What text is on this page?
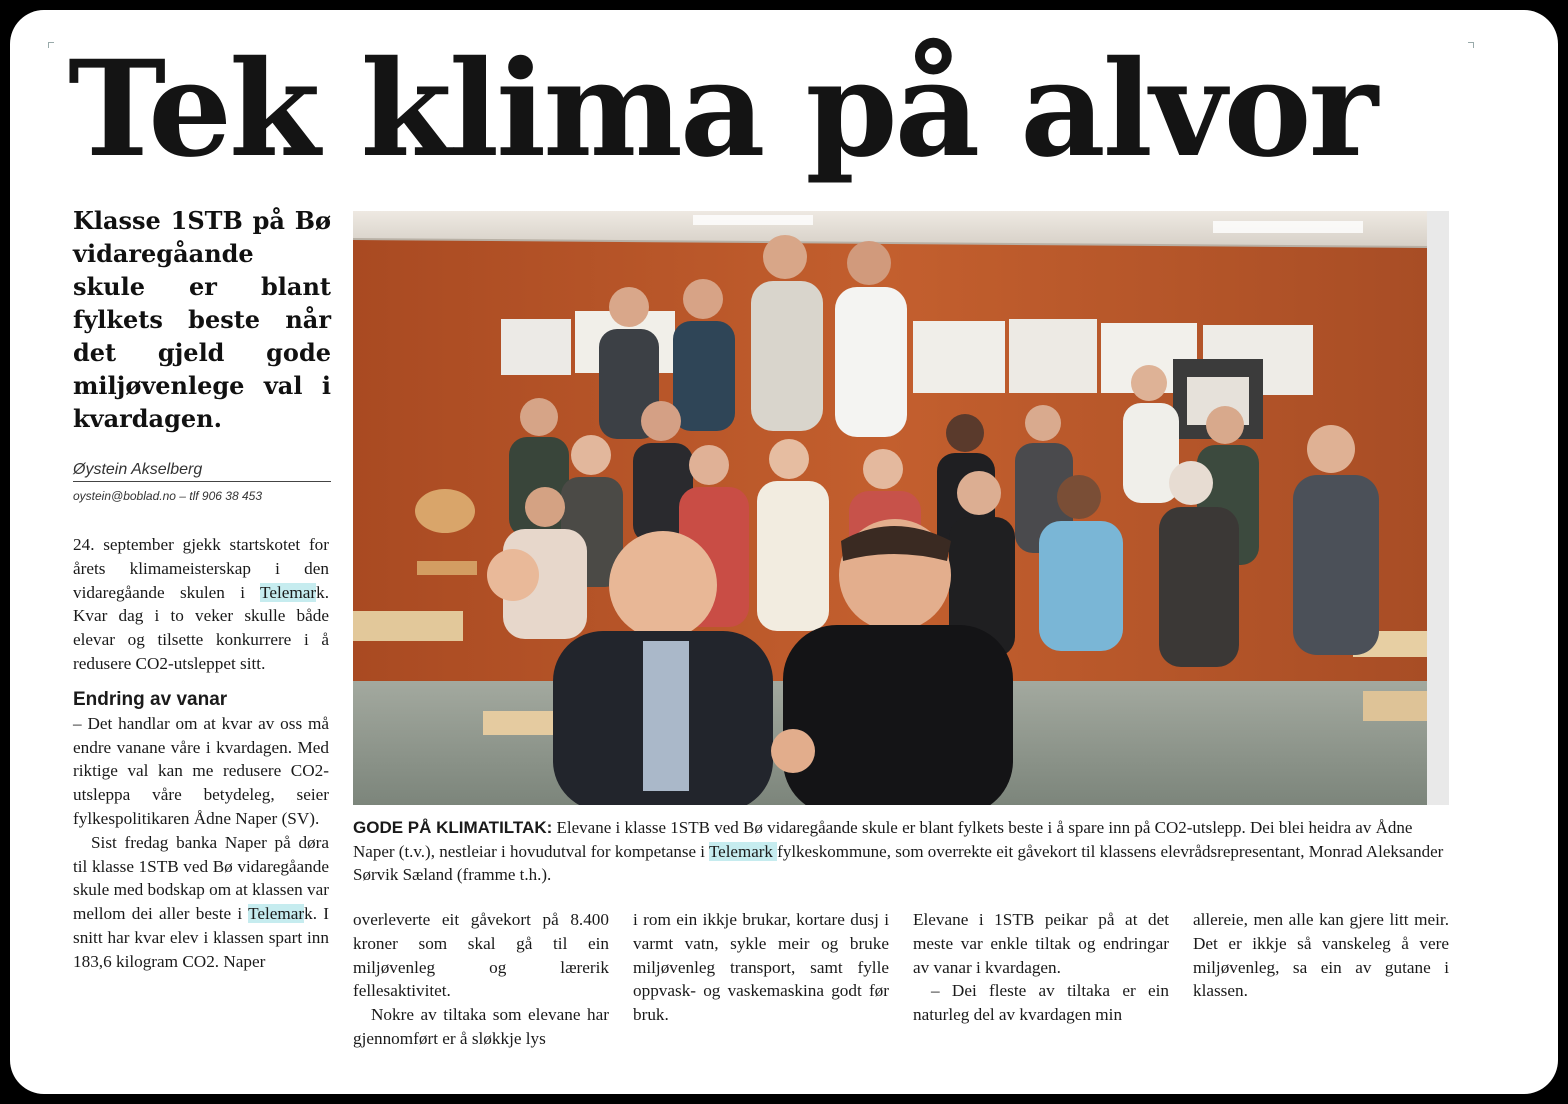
Tek klima på alvor

Klasse 1STB på Bø vidaregåande skule er blant fylkets beste når det gjeld gode miljøvenlege val i kvardagen.

Øystein Akselberg
oystein@boblad.no – tlf 906 38 453

24. september gjekk startskotet for årets klimameisterskap i den vidaregåande skulen i Telemark. Kvar dag i to veker skulle både elevar og tilsette konkurrere i å redusere CO2-utsleppet sitt.

Endring av vanar

– Det handlar om at kvar av oss må endre vanane våre i kvardagen. Med riktige val kan me redusere CO2-utsleppa våre betydeleg, seier fylkespolitikaren Ådne Naper (SV).

Sist fredag banka Naper på døra til klasse 1STB ved Bø vidaregåande skule med bodskap om at klassen var mellom dei aller beste i Telemark. I snitt har kvar elev i klassen spart inn 183,6 kilogram CO2. Naper

GODE PÅ KLIMATILTAK: Elevane i klasse 1STB ved Bø vidaregåande skule er blant fylkets beste i å spare inn på CO2-utslepp. Dei blei heidra av Ådne Naper (t.v.), nestleiar i hovudutval for kompetanse i Telemark fylkeskommune, som overrekte eit gåvekort til klassens elevrådsrepresentant, Monrad Aleksander Sørvik Sæland (framme t.h.).

overleverte eit gåvekort på 8.400 kroner som skal gå til ein miljøvenleg og lærerik fellesaktivitet.

Nokre av tiltaka som elevane har gjennomført er å sløkkje lys

i rom ein ikkje brukar, kortare dusj i varmt vatn, sykle meir og bruke miljøvenleg transport, samt fylle oppvask- og vaskemaskina godt før bruk.

Elevane i 1STB peikar på at det meste var enkle tiltak og endringar av vanar i kvardagen.

– Dei fleste av tiltaka er ein naturleg del av kvardagen min

allereie, men alle kan gjere litt meir. Det er ikkje så vanskeleg å vere miljøvenleg, sa ein av gutane i klassen.
